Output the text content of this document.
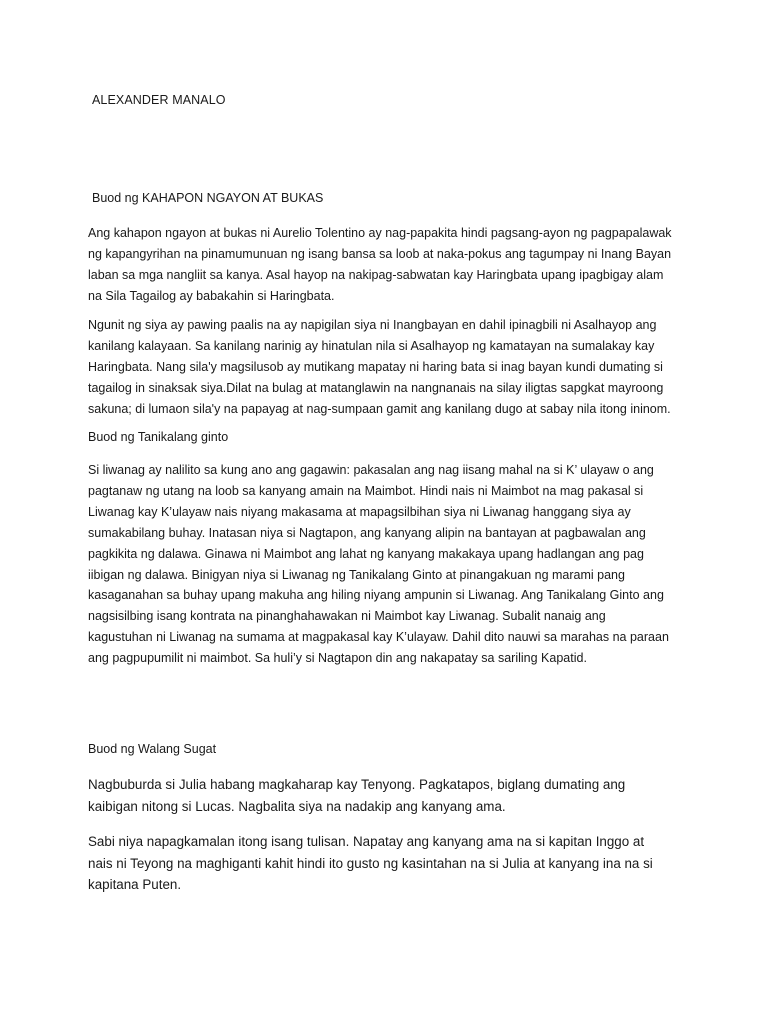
ALEXANDER MANALO
Buod ng KAHAPON NGAYON AT BUKAS

Ang kahapon ngayon at bukas ni Aurelio Tolentino ay nag-papakita hindi pagsang-ayon ng pagpapalawak
ng kapangyrihan na pinamumunuan ng isang bansa sa loob at naka-pokus ang tagumpay ni Inang Bayan
laban sa mga nangliit sa kanya. Asal hayop na nakipag-sabwatan kay Haringbata upang ipagbigay alam
na Sila Tagailog ay babakahin si Haringbata.

Ngunit ng siya ay pawing paalis na ay napigilan siya ni Inangbayan en dahil ipinagbili ni Asalhayop ang
kanilang kalayaan. Sa kanilang narinig ay hinatulan nila si Asalhayop ng kamatayan na sumalakay kay
Haringbata. Nang sila'y magsilusob ay mutikang mapatay ni haring bata si inag bayan kundi dumating si
tagailog in sinaksak siya.Dilat na bulag at matanglawin na nangnanais na silay iligtas sapgkat mayroong
sakuna; di lumaon sila'y na papayag at nag-sumpaan gamit ang kanilang dugo at sabay nila itong ininom.

Buod ng Tanikalang ginto

Si liwanag ay nalilito sa kung ano ang gagawin: pakasalan ang nag iisang mahal na si K’ ulayaw o ang
pagtanaw ng utang na loob sa kanyang amain na Maimbot. Hindi nais ni Maimbot na mag pakasal si
Liwanag kay K’ulayaw nais niyang makasama at mapagsilbihan siya ni Liwanag hanggang siya ay
sumakabilang buhay. Inatasan niya si Nagtapon, ang kanyang alipin na bantayan at pagbawalan ang
pagkikita ng dalawa. Ginawa ni Maimbot ang lahat ng kanyang makakaya upang hadlangan ang pag
iibigan ng dalawa. Binigyan niya si Liwanag ng Tanikalang Ginto at pinangakuan ng marami pang
kasaganahan sa buhay upang makuha ang hiling niyang ampunin si Liwanag. Ang Tanikalang Ginto ang
nagsisilbing isang kontrata na pinanghahawakan ni Maimbot kay Liwanag. Subalit nanaig ang
kagustuhan ni Liwanag na sumama at magpakasal kay K’ulayaw. Dahil dito nauwi sa marahas na paraan
ang pagpupumilit ni maimbot. Sa huli’y si Nagtapon din ang nakapatay sa sariling Kapatid.

Buod ng Walang Sugat

Nagbuburda si Julia habang magkaharap kay Tenyong. Pagkatapos, biglang dumating ang
kaibigan nitong si Lucas. Nagbalita siya na nadakip ang kanyang ama.

Sabi niya napagkamalan itong isang tulisan. Napatay ang kanyang ama na si kapitan Inggo at
nais ni Teyong na maghiganti kahit hindi ito gusto ng kasintahan na si Julia at kanyang ina na si
kapitana Puten.
